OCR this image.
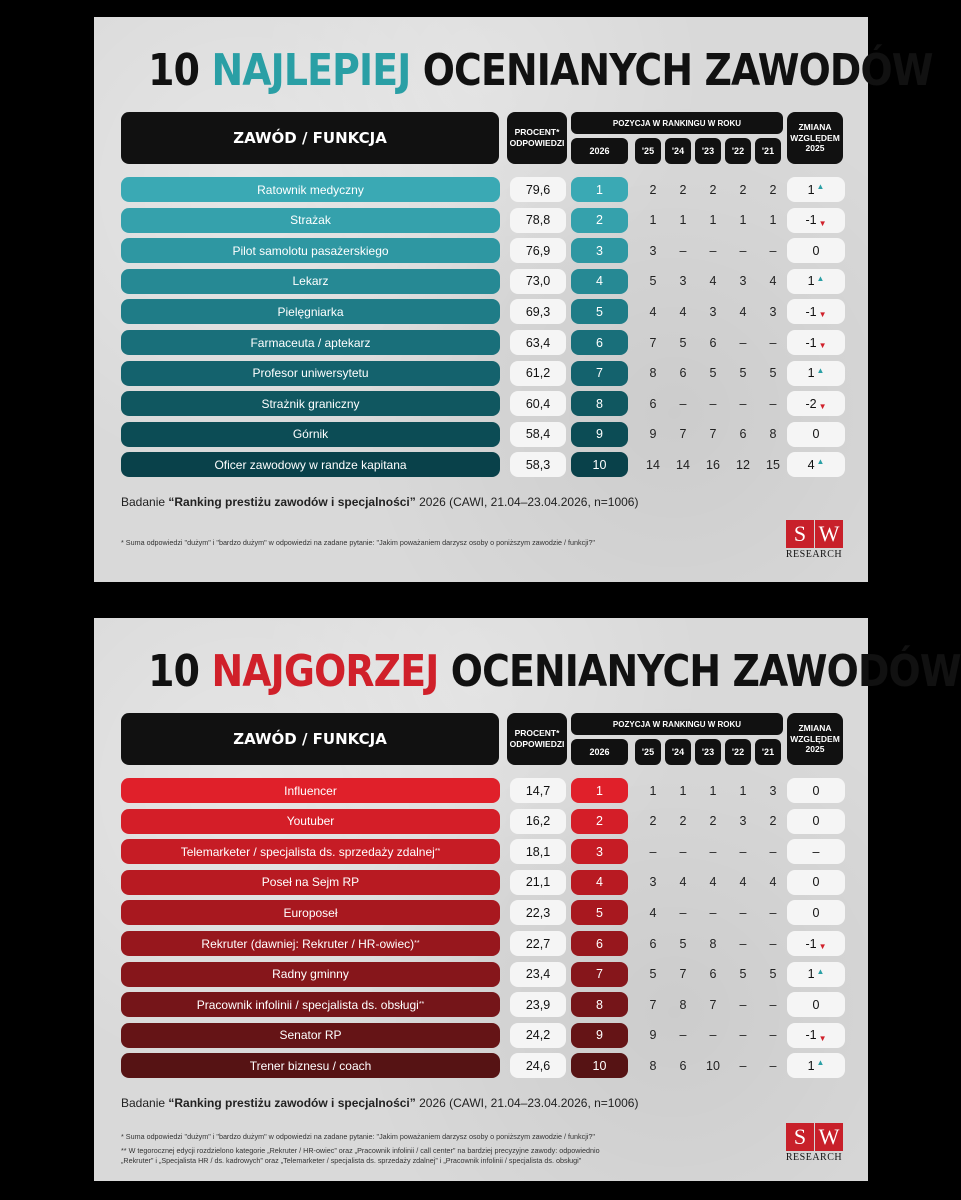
10 NAJLEPIEJ OCENIANYCH ZAWODÓW
ZAWÓD / FUNKCJA	PROCENT*
ODPOWIEDZI
POZYCJA W RANKINGU W ROKU
2026	'25	'24	'23	'22	'21
ZMIANA
WZGLĘDEM
2025
Ratownik medyczny	79,6	1	2	2	2	2	2	1 ▲
Strażak	78,8	2	1	1	1	1	1	-1 ▼
Pilot samolotu pasażerskiego	76,9	3	3	–	–	–	–	0
Lekarz	73,0	4	5	3	4	3	4	1 ▲
Pielęgniarka	69,3	5	4	4	3	4	3	-1 ▼
Farmaceuta / aptekarz	63,4	6	7	5	6	–	–	-1 ▼
Profesor uniwersytetu	61,2	7	8	6	5	5	5	1 ▲
Strażnik graniczny	60,4	8	6	–	–	–	–	-2 ▼
Górnik	58,4	9	9	7	7	6	8	0
Oficer zawodowy w randze kapitana	58,3	10	14	14	16	12	15	4 ▲
Badanie “Ranking prestiżu zawodów i specjalności” 2026 (CAWI, 21.04–23.04.2026, n=1006)
* Suma odpowiedzi "dużym" i "bardzo dużym" w odpowiedzi na zadane pytanie: "Jakim poważaniem darzysz osoby o poniższym zawodzie / funkcji?"	S W
RESEARCH
10 NAJGORZEJ OCENIANYCH ZAWODÓW
ZAWÓD / FUNKCJA	PROCENT*
ODPOWIEDZI
POZYCJA W RANKINGU W ROKU
2026	'25	'24	'23	'22	'21
ZMIANA
WZGLĘDEM
2025
Influencer	14,7	1	1	1	1	1	3	0
Youtuber	16,2	2	2	2	2	3	2	0
Telemarketer / specjalista ds. sprzedaży zdalnej **	18,1	3	–	–	–	–	–	–
Poseł na Sejm RP	21,1	4	3	4	4	4	4	0
Europoseł	22,3	5	4	–	–	–	–	0
Rekruter (dawniej: Rekruter / HR-owiec) **	22,7	6	6	5	8	–	–	-1 ▼
Radny gminny	23,4	7	5	7	6	5	5	1 ▲
Pracownik infolinii / specjalista ds. obsługi **	23,9	8	7	8	7	–	–	0
Senator RP	24,2	9	9	–	–	–	–	-1 ▼
Trener biznesu / coach	24,6	10	8	6	10	–	–	1 ▲
Badanie “Ranking prestiżu zawodów i specjalności” 2026 (CAWI, 21.04–23.04.2026, n=1006)
* Suma odpowiedzi "dużym" i "bardzo dużym" w odpowiedzi na zadane pytanie: "Jakim poważaniem darzysz osoby o poniższym zawodzie / funkcji?"
** W tegorocznej edycji rozdzielono kategorie „Rekruter / HR-owiec” oraz „Pracownik infolinii / call center” na bardziej precyzyjne zawody: odpowiednio
„Rekruter” i „Specjalista HR / ds. kadrowych” oraz „Telemarketer / specjalista ds. sprzedaży zdalnej” i „Pracownik infolinii / specjalista ds. obsługi”
S W
RESEARCH
